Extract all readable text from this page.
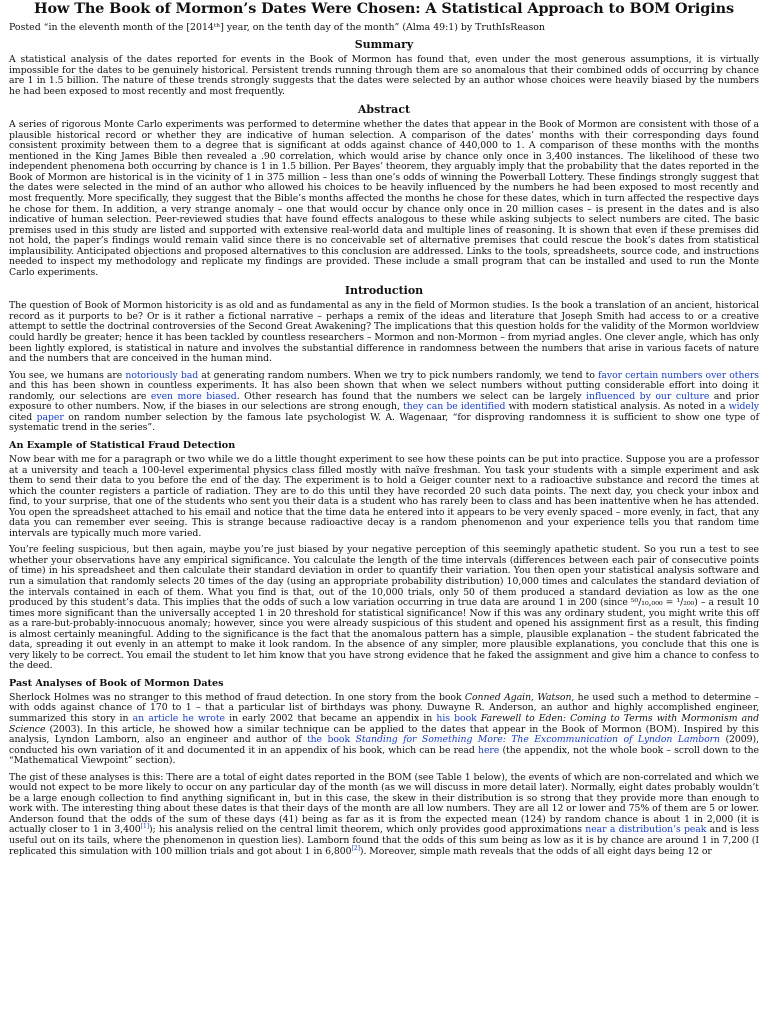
How The Book of Mormon’s Dates Were Chosen: A Statistical Approach to BOM Origins
Posted “in the eleventh month of the [2014ᵗʰ] year, on the tenth day of the month” (Alma 49:1) by TruthIsReason
Summary

A statistical analysis of the dates reported for events in the Book of Mormon has found that, even under the most generous assumptions, it is virtually impossible for the dates to be genuinely historical. Persistent trends running through them are so anomalous that their combined odds of occurring by chance are 1 in 1.5 billion. The nature of these trends strongly suggests that the dates were selected by an author whose choices were heavily biased by the numbers he had been exposed to most recently and most frequently.

Abstract

A series of rigorous Monte Carlo experiments was performed to determine whether the dates that appear in the Book of Mormon are consistent with those of a plausible historical record or whether they are indicative of human selection. A comparison of the dates’ months with their corresponding days found consistent proximity between them to a degree that is significant at odds against chance of 440,000 to 1. A comparison of these months with the months mentioned in the King James Bible then revealed a .90 correlation, which would arise by chance only once in 3,400 instances. The likelihood of these two independent phenomena both occurring by chance is 1 in 1.5 billion. Per Bayes’ theorem, they arguably imply that the probability that the dates reported in the Book of Mormon are historical is in the vicinity of 1 in 375 million – less than one’s odds of winning the Powerball Lottery. These findings strongly suggest that the dates were selected in the mind of an author who allowed his choices to be heavily influenced by the numbers he had been exposed to most recently and most frequently. More specifically, they suggest that the Bible’s months affected the months he chose for these dates, which in turn affected the respective days he chose for them. In addition, a very strange anomaly – one that would occur by chance only once in 20 million cases – is present in the dates and is also indicative of human selection. Peer-reviewed studies that have found effects analogous to these while asking subjects to select numbers are cited. The basic premises used in this study are listed and supported with extensive real-world data and multiple lines of reasoning. It is shown that even if these premises did not hold, the paper’s findings would remain valid since there is no conceivable set of alternative premises that could rescue the book’s dates from statistical implausibility. Anticipated objections and proposed alternatives to this conclusion are addressed. Links to the tools, spreadsheets, source code, and instructions needed to inspect my methodology and replicate my findings are provided. These include a small program that can be installed and used to run the Monte Carlo experiments.

Introduction

The question of Book of Mormon historicity is as old and as fundamental as any in the field of Mormon studies. Is the book a translation of an ancient, historical record as it purports to be? Or is it rather a fictional narrative – perhaps a remix of the ideas and literature that Joseph Smith had access to or a creative attempt to settle the doctrinal controversies of the Second Great Awakening? The implications that this question holds for the validity of the Mormon worldview could hardly be greater; hence it has been tackled by countless researchers – Mormon and non-Mormon – from myriad angles. One clever angle, which has only been lightly explored, is statistical in nature and involves the substantial difference in randomness between the numbers that arise in various facets of nature and the numbers that are conceived in the human mind.

You see, we humans are notoriously bad at generating random numbers. When we try to pick numbers randomly, we tend to favor certain numbers over others and this has been shown in countless experiments. It has also been shown that when we select numbers without putting considerable effort into doing it randomly, our selections are even more biased. Other research has found that the numbers we select can be largely influenced by our culture and prior exposure to other numbers. Now, if the biases in our selections are strong enough, they can be identified with modern statistical analysis. As noted in a widely cited paper on random number selection by the famous late psychologist W. A. Wagenaar, “for disproving randomness it is sufficient to show one type of systematic trend in the series”.

An Example of Statistical Fraud Detection

Now bear with me for a paragraph or two while we do a little thought experiment to see how these points can be put into practice. Suppose you are a professor at a university and teach a 100-level experimental physics class filled mostly with naïve freshman. You task your students with a simple experiment and ask them to send their data to you before the end of the day. The experiment is to hold a Geiger counter next to a radioactive substance and record the times at which the counter registers a particle of radiation. They are to do this until they have recorded 20 such data points. The next day, you check your inbox and find, to your surprise, that one of the students who sent you their data is a student who has rarely been to class and has been inattentive when he has attended. You open the spreadsheet attached to his email and notice that the time data he entered into it appears to be very evenly spaced – more evenly, in fact, that any data you can remember ever seeing. This is strange because radioactive decay is a random phenomenon and your experience tells you that random time intervals are typically much more varied.

You’re feeling suspicious, but then again, maybe you’re just biased by your negative perception of this seemingly apathetic student. So you run a test to see whether your observations have any empirical significance. You calculate the length of the time intervals (differences between each pair of consecutive points of time) in his spreadsheet and then calculate their standard deviation in order to quantify their variation. You then open your statistical analysis software and run a simulation that randomly selects 20 times of the day (using an appropriate probability distribution) 10,000 times and calculates the standard deviation of the intervals contained in each of them. What you find is that, out of the 10,000 trials, only 50 of them produced a standard deviation as low as the one produced by this student’s data. This implies that the odds of such a low variation occurring in true data are around 1 in 200 (since ⁵⁰/₁₀,₀₀₀ = ¹/₂₀₀) – a result 10 times more significant than the universally accepted 1 in 20 threshold for statistical significance! Now if this was any ordinary student, you might write this off as a rare-but-probably-innocuous anomaly; however, since you were already suspicious of this student and opened his assignment first as a result, this finding is almost certainly meaningful. Adding to the significance is the fact that the anomalous pattern has a simple, plausible explanation – the student fabricated the data, spreading it out evenly in an attempt to make it look random. In the absence of any simpler, more plausible explanations, you conclude that this one is very likely to be correct. You email the student to let him know that you have strong evidence that he faked the assignment and give him a chance to confess to the deed.

Past Analyses of Book of Mormon Dates

Sherlock Holmes was no stranger to this method of fraud detection. In one story from the book Conned Again, Watson, he used such a method to determine – with odds against chance of 170 to 1 – that a particular list of birthdays was phony. Duwayne R. Anderson, an author and highly accomplished engineer, summarized this story in an article he wrote in early 2002 that became an appendix in his book Farewell to Eden: Coming to Terms with Mormonism and Science (2003). In this article, he showed how a similar technique can be applied to the dates that appear in the Book of Mormon (BOM). Inspired by this analysis, Lyndon Lamborn, also an engineer and author of the book Standing for Something More: The Excommunication of Lyndon Lamborn (2009), conducted his own variation of it and documented it in an appendix of his book, which can be read here (the appendix, not the whole book – scroll down to the “Mathematical Viewpoint” section).

The gist of these analyses is this: There are a total of eight dates reported in the BOM (see Table 1 below), the events of which are non-correlated and which we would not expect to be more likely to occur on any particular day of the month (as we will discuss in more detail later). Normally, eight dates probably wouldn’t be a large enough collection to find anything significant in, but in this case, the skew in their distribution is so strong that they provide more than enough to work with. The interesting thing about these dates is that their days of the month are all low numbers. They are all 12 or lower and 75% of them are 5 or lower. Anderson found that the odds of the sum of these days (41) being as far as it is from the expected mean (124) by random chance is about 1 in 2,000 (it is actually closer to 1 in 3,400[1]); his analysis relied on the central limit theorem, which only provides good approximations near a distribution’s peak and is less useful out on its tails, where the phenomenon in question lies). Lamborn found that the odds of this sum being as low as it is by chance are around 1 in 7,200 (I replicated this simulation with 100 million trials and got about 1 in 6,800[2]). Moreover, simple math reveals that the odds of all eight days being 12 or
